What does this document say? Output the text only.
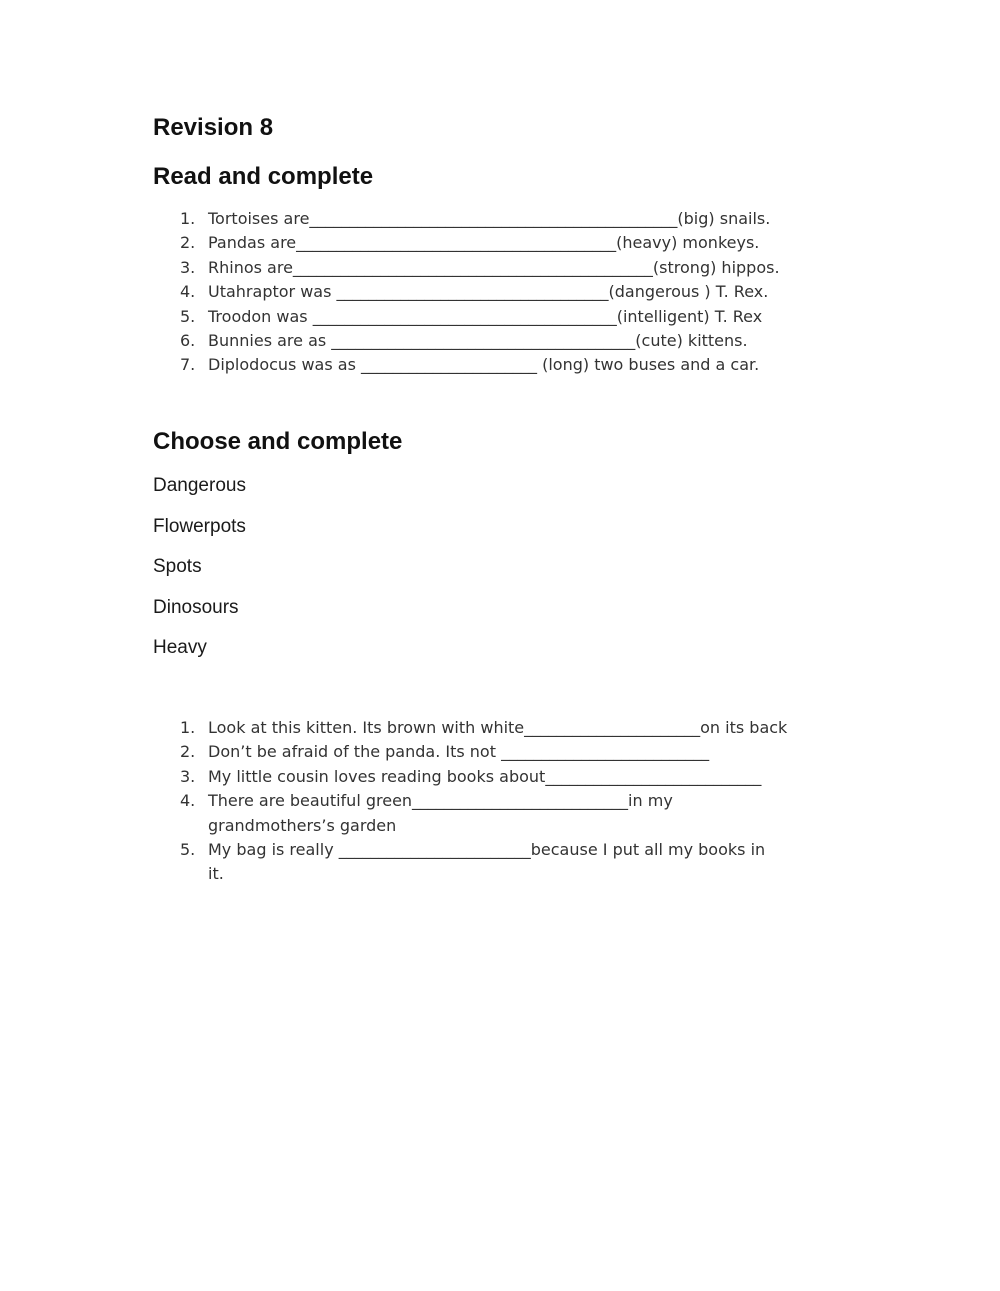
Revision 8
Read and complete
1. Tortoises are______________________________________________(big) snails.
2. Pandas are________________________________________(heavy) monkeys.
3. Rhinos are_____________________________________________(strong) hippos.
4. Utahraptor was __________________________________(dangerous ) T. Rex.
5. Troodon was ______________________________________(intelligent) T. Rex
6. Bunnies are as ______________________________________(cute) kittens.
7. Diplodocus was as ______________________ (long) two buses and a car.
Choose and complete
Dangerous
Flowerpots
Spots
Dinosours
Heavy
1. Look at this kitten. Its brown with white______________________on its back
2. Don’t be afraid of the panda. Its not __________________________
3. My little cousin loves reading books about___________________________
4. There are beautiful green___________________________in my
grandmothers’s garden
5. My bag is really ________________________because I put all my books in
it.
